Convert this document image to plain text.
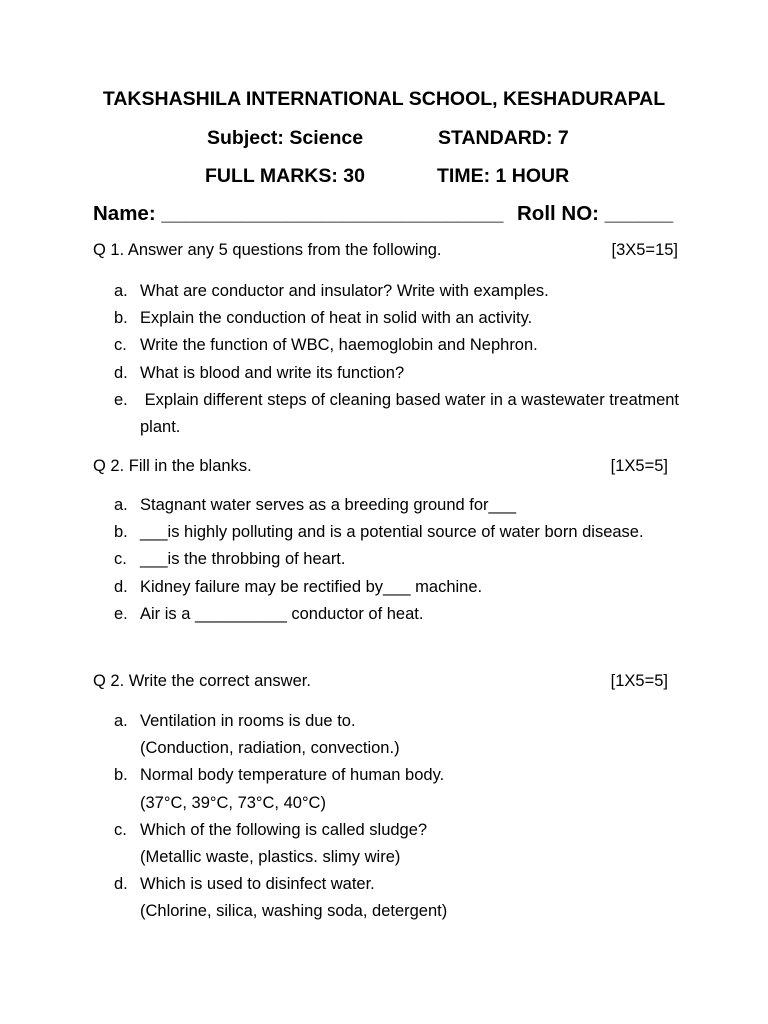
TAKSHASHILA INTERNATIONAL SCHOOL, KESHADURAPAL
Subject: Science	STANDARD: 7
FULL MARKS: 30	TIME: 1 HOUR
Name: ______________________________ Roll NO: ______
Q 1. Answer any 5 questions from the following.	[3X5=15]
a. What are conductor and insulator? Write with examples.
b. Explain the conduction of heat in solid with an activity.
c. Write the function of WBC, haemoglobin and Nephron.
d. What is blood and write its function?
e. Explain different steps of cleaning based water in a wastewater treatment plant.
Q 2. Fill in the blanks.	[1X5=5]
a. Stagnant water serves as a breeding ground for___
b. ___is highly polluting and is a potential source of water born disease.
c. ___is the throbbing of heart.
d. Kidney failure may be rectified by___ machine.
e. Air is a __________ conductor of heat.
Q 2. Write the correct answer.	[1X5=5]
a. Ventilation in rooms is due to.
(Conduction, radiation, convection.)
b. Normal body temperature of human body.
(37°C, 39°C, 73°C, 40°C)
c. Which of the following is called sludge?
(Metallic waste, plastics. slimy wire)
d. Which is used to disinfect water.
(Chlorine, silica, washing soda, detergent)
